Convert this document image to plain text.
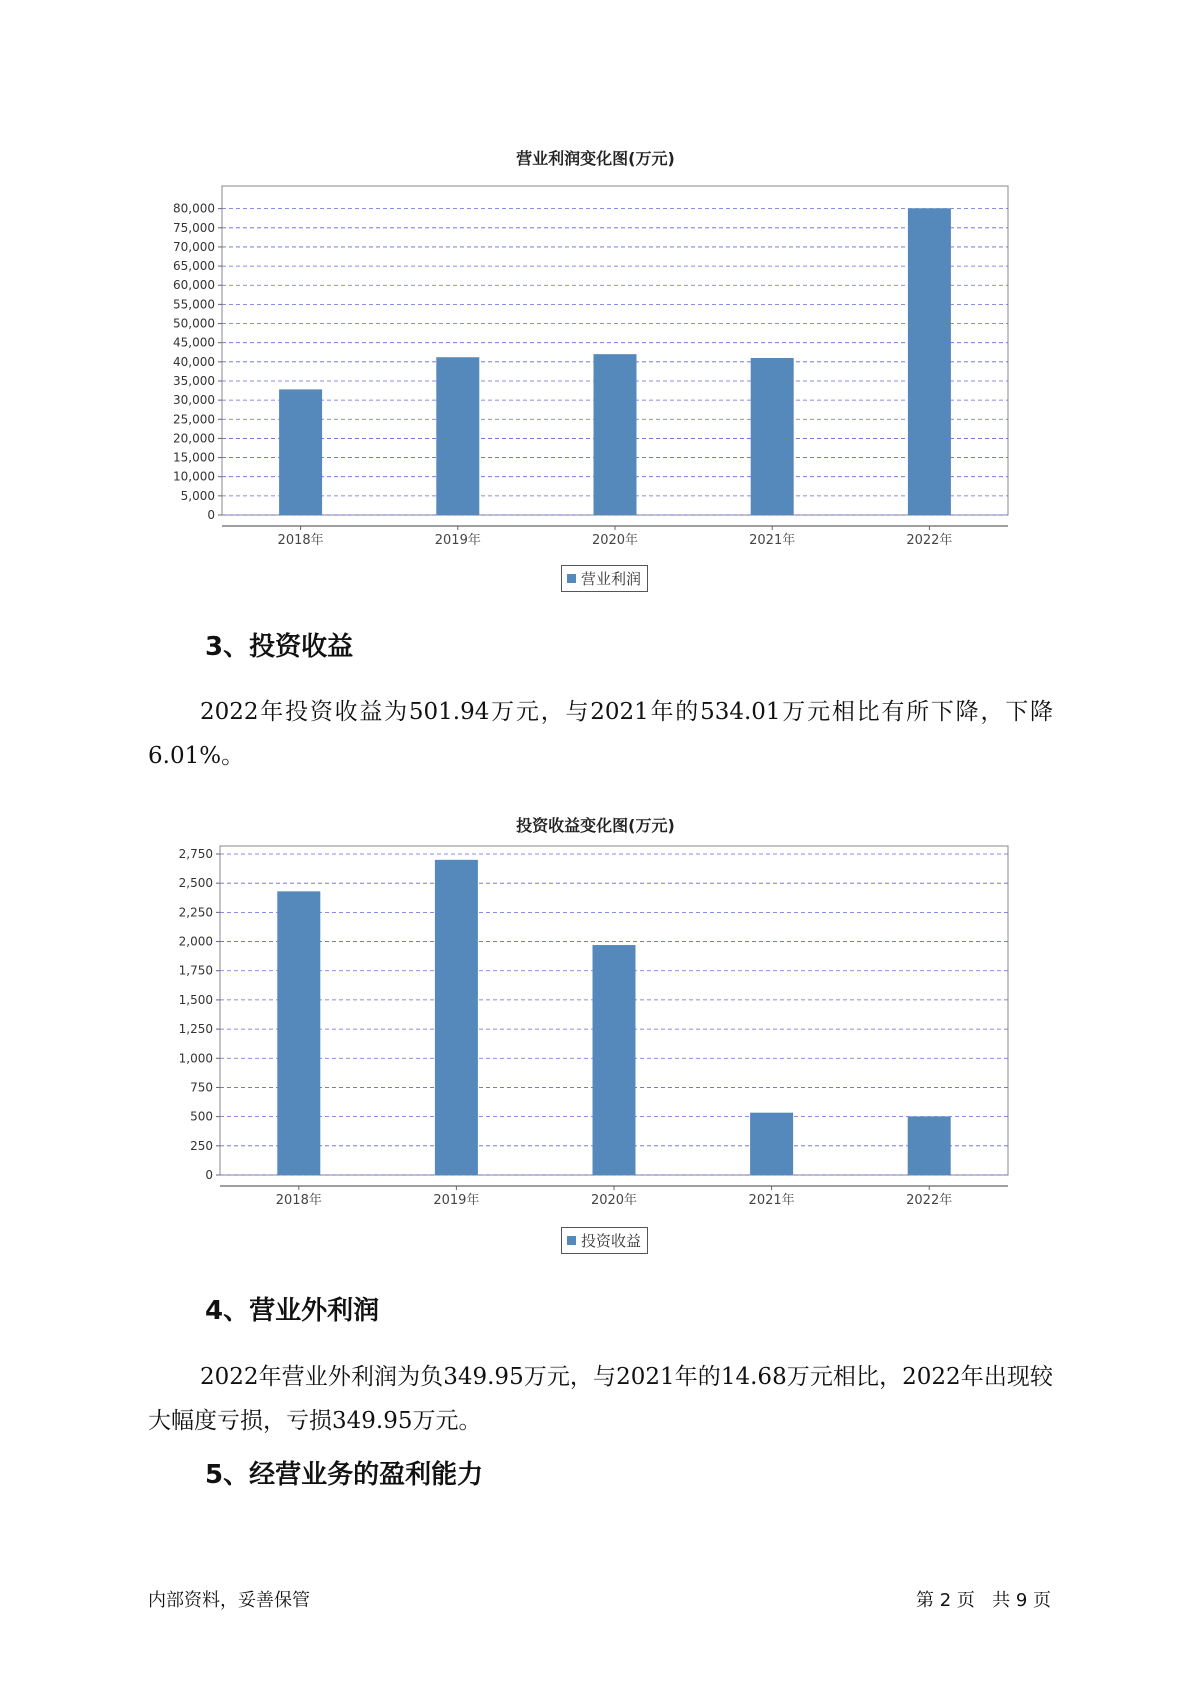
营业利润变化图(万元)
0
5,000
10,000
15,000
20,000
25,000
30,000
35,000
40,000
45,000
50,000
55,000
60,000
65,000
70,000
75,000
80,000
2018年	2019年	2020年	2021年	2022年
营业利润
3、投资收益

2022年投资收益为501.94万元，与2021年的534.01万元相比有所下降，下降6.01%。

投资收益变化图(万元)
0
250
500
750
1,000
1,250
1,500
1,750
2,000
2,250
2,500
2,750
2018年	2019年	2020年	2021年	2022年
投资收益
4、营业外利润

2022年营业外利润为负349.95万元，与2021年的14.68万元相比，2022年出现较大幅度亏损，亏损349.95万元。

5、经营业务的盈利能力
内部资料，妥善保管	第 2 页   共 9 页
